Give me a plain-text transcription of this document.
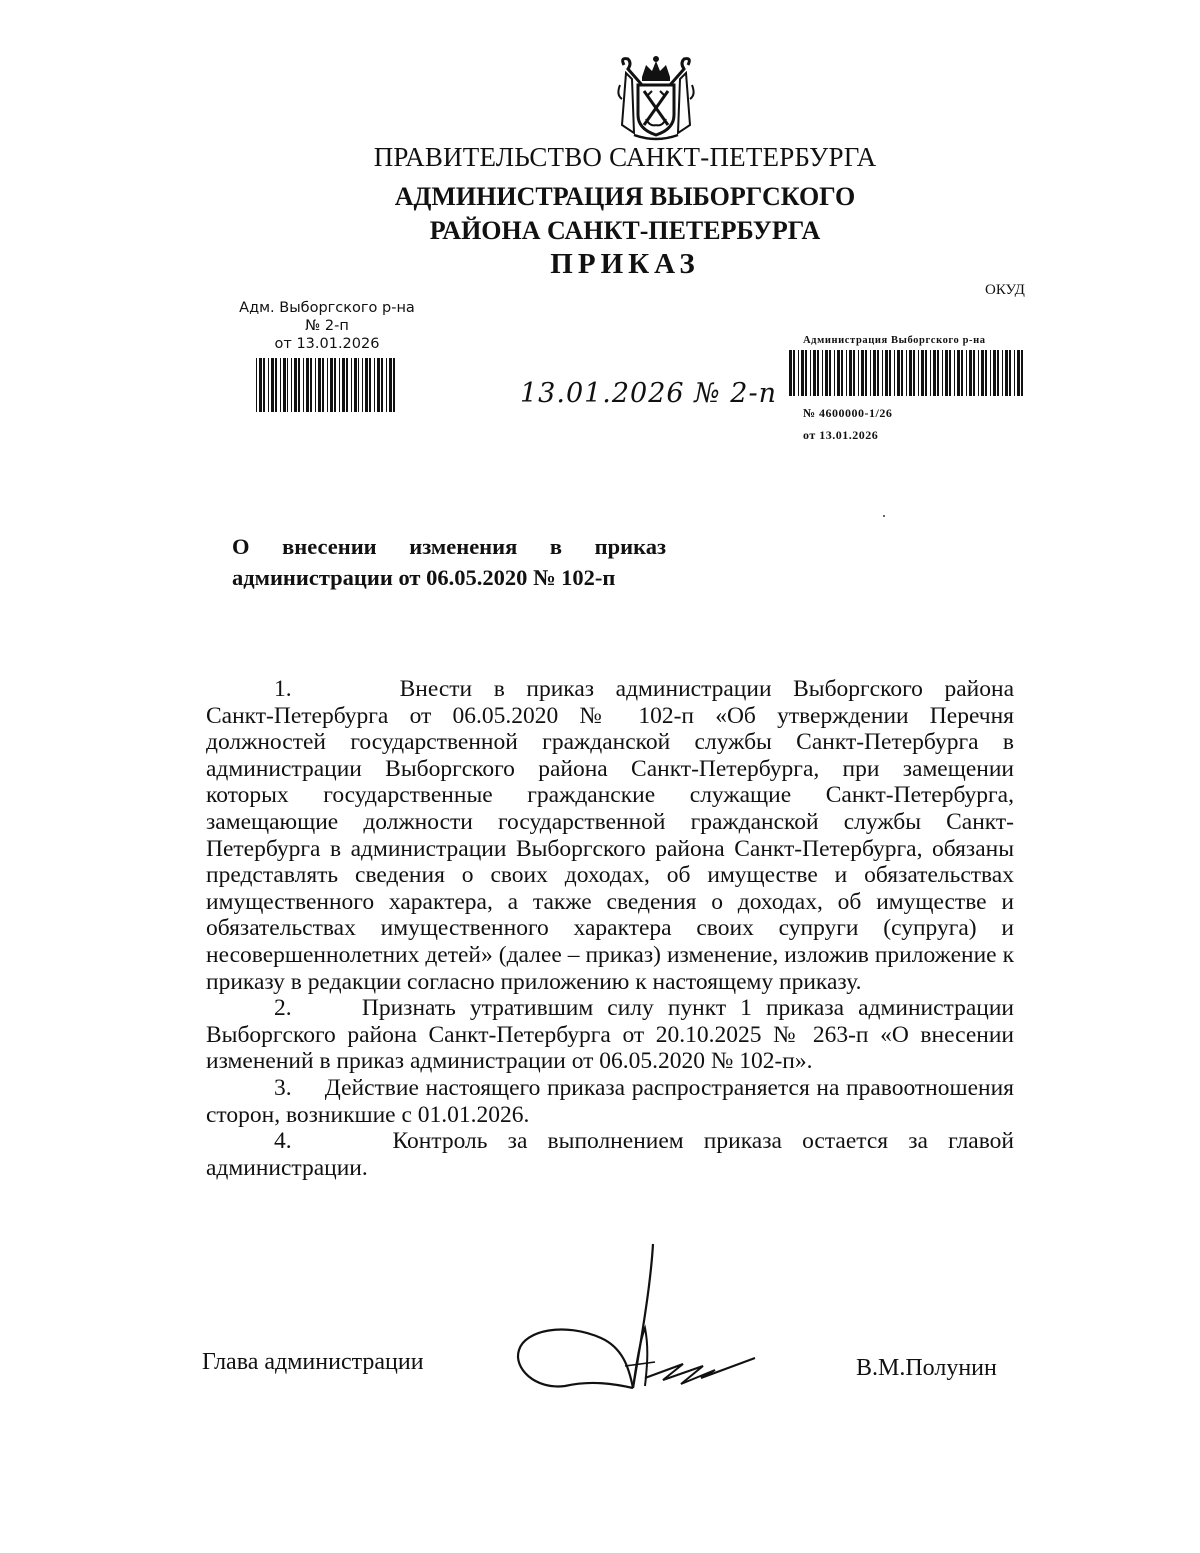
ПРАВИТЕЛЬСТВО САНКТ-ПЕТЕРБУРГА
АДМИНИСТРАЦИЯ ВЫБОРГСКОГО
РАЙОНА САНКТ-ПЕТЕРБУРГА
ПРИКАЗ
ОКУД
Адм. Выборгского р-на
№ 2-п
от 13.01.2026
13.01.2026 № 2-п
Администрация Выборгского р-на
№ 4600000-1/26
от 13.01.2026
О внесении изменения в приказ
администрации от 06.05.2020 № 102-п

1.     Внести в приказ администрации Выборгского района

Санкт-Петербурга от 06.05.2020 № 102-п «Об утверждении Перечня должностей государственной гражданской службы Санкт-Петербурга в администрации Выборгского района Санкт-Петербурга, при замещении которых государственные гражданские служащие Санкт-Петербурга, замещающие должности государственной гражданской службы Санкт-Петербурга в администрации Выборгского района Санкт-Петербурга, обязаны представлять сведения о своих доходах, об имуществе и обязательствах имущественного характера, а также сведения о доходах, об имуществе и обязательствах имущественного характера своих супруги (супруга) и несовершеннолетних детей» (далее – приказ) изменение, изложив приложение к приказу в редакции согласно приложению к настоящему приказу.

2.     Признать утратившим силу пункт 1 приказа администрации Выборгского района Санкт-Петербурга от 20.10.2025 № 263-п «О внесении изменений в приказ администрации от 06.05.2020 № 102-п».

3.     Действие настоящего приказа распространяется на правоотношения сторон, возникшие с 01.01.2026.

4.     Контроль за выполнением приказа остается за главой администрации.

Глава администрации	В.М.Полунин
